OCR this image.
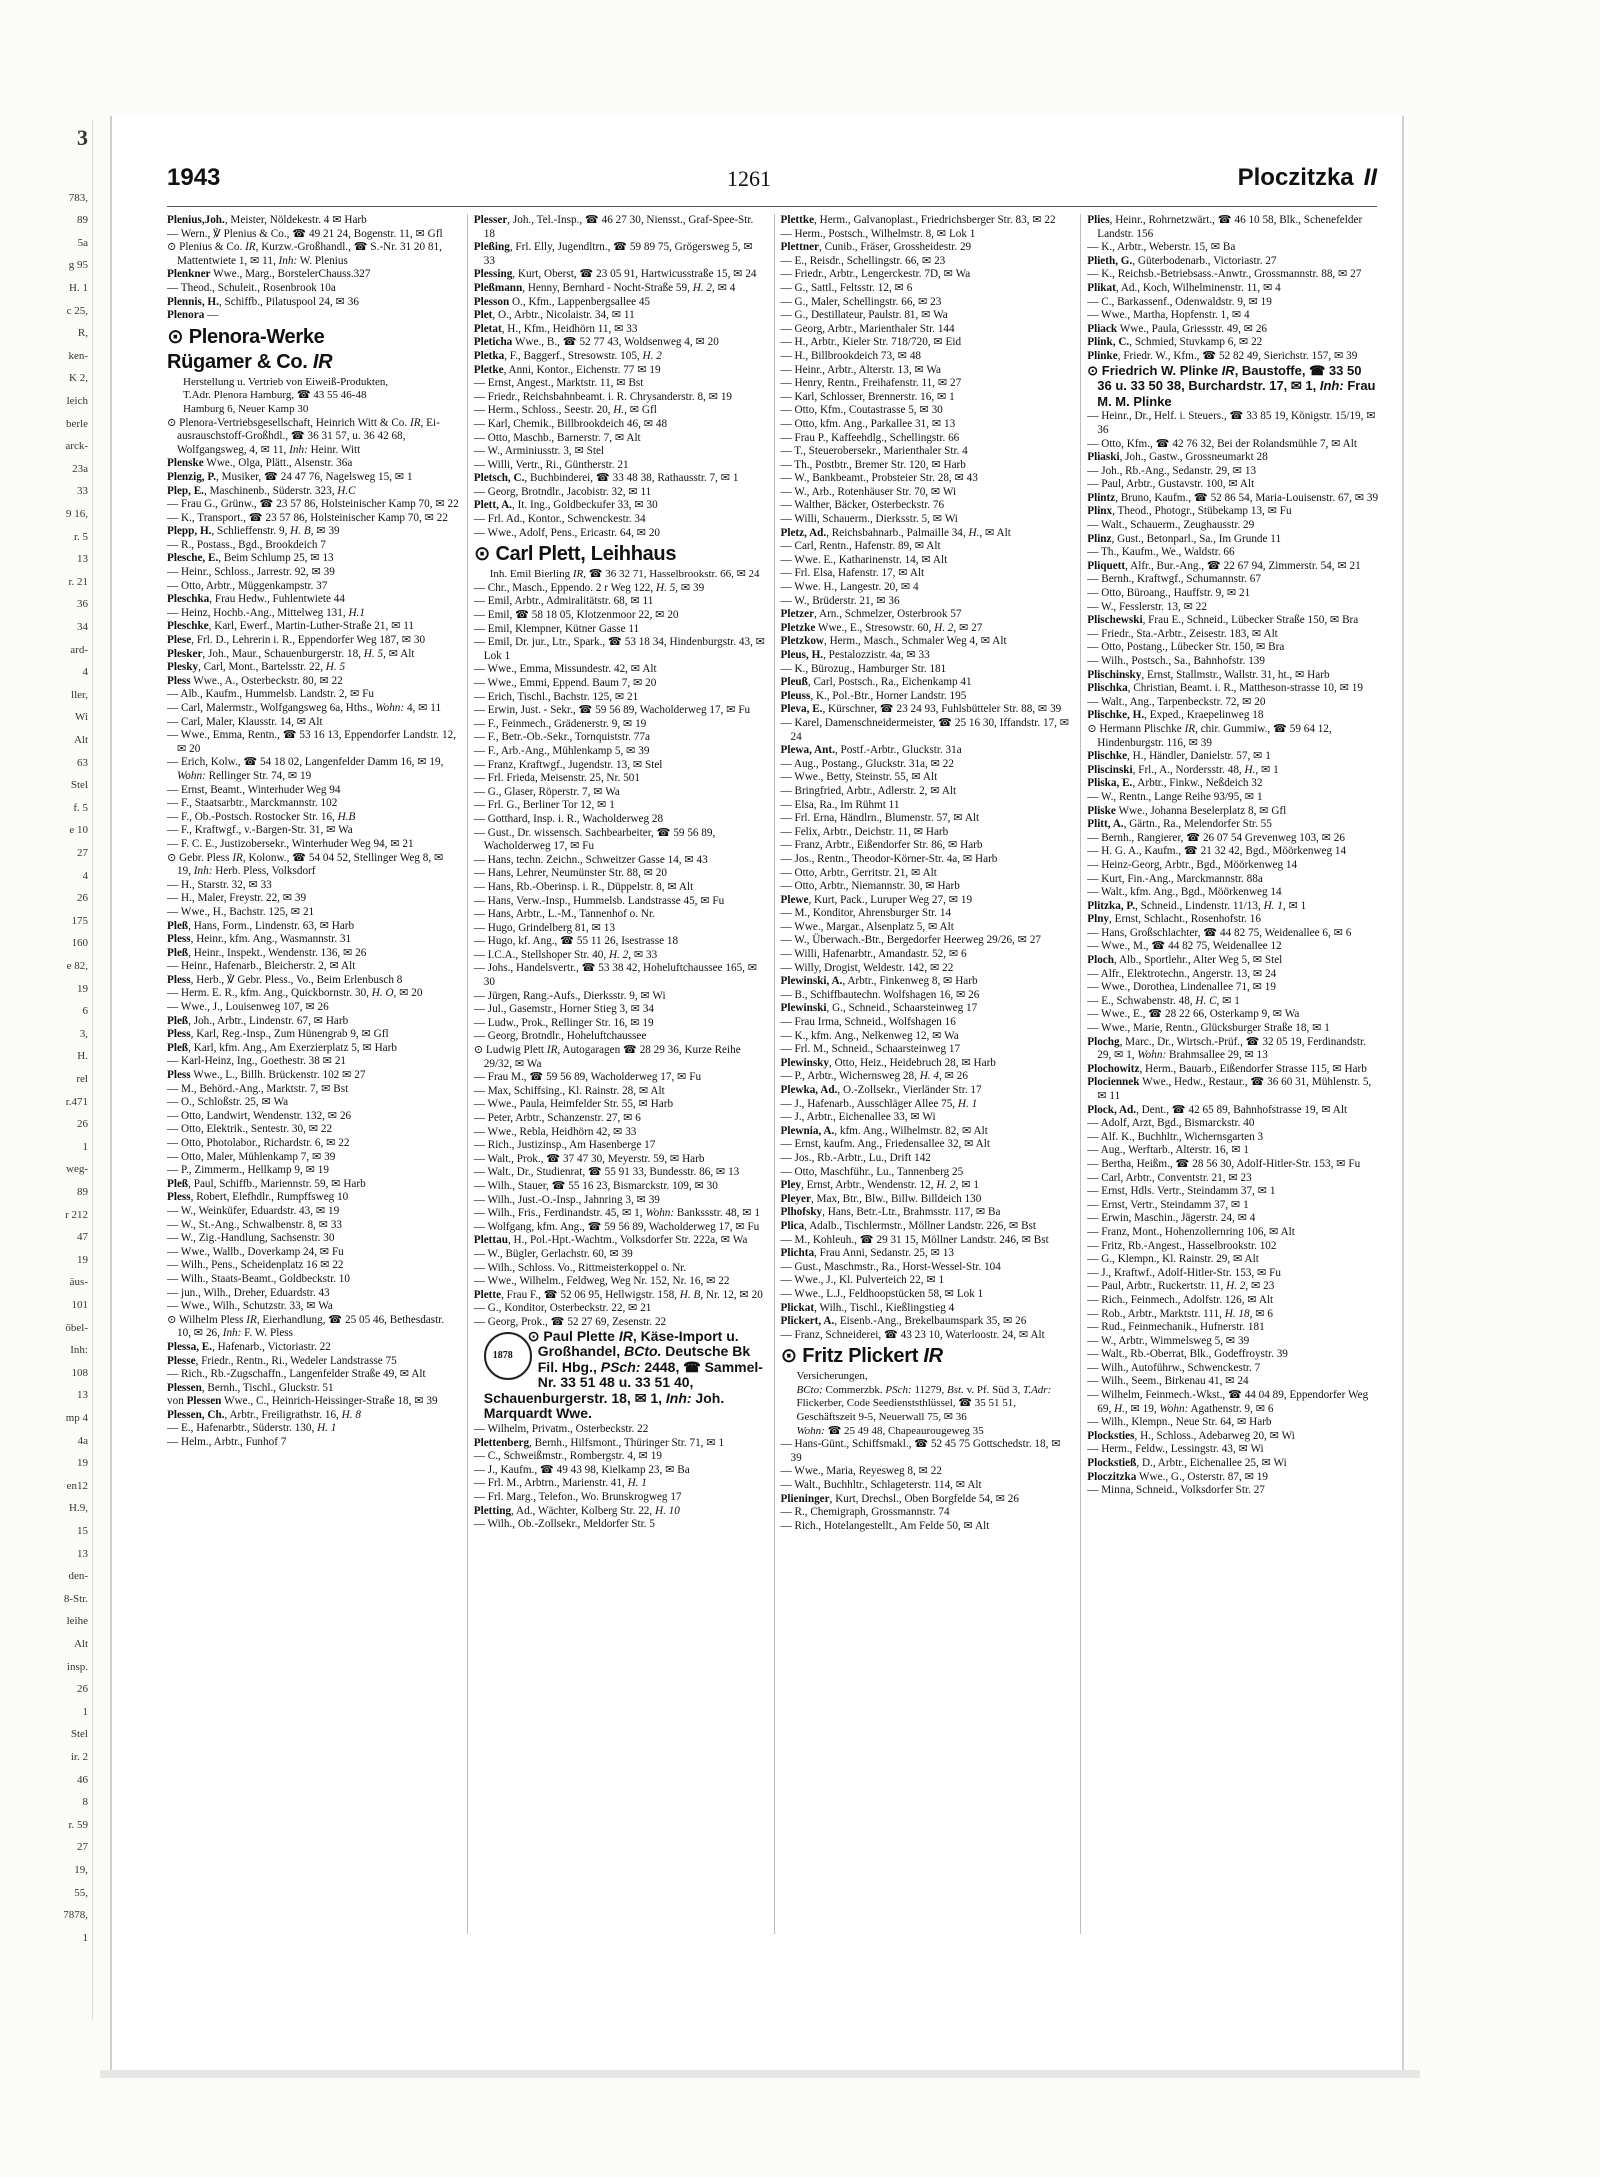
3
783,
89
5a
g 95
H. 1
c 25,
R,
ken-
K 2,
leich
berle
arck-
23a
33
9 16,
r. 5
13
r. 21
36
34
ard-
4
ller,
Wi
Alt
63
Stel
f. 5
e 10
27
4
26
175
160
e 82,
19
6
3,
H.
rel
r.471
26
1
weg-
89
r 212
47
19
äus-
101
öbel-
Inh:
108
13
mp 4
4a
19
en12
H.9,
15
13
den-
8-Str.
leihe
Alt
insp.
26
1
Stel
ir. 2
46
8
r. 59
27
19,
55,
7878,
1
1943	1261	Ploczitzka II

Plenius,Joh., Meister, Nöldekestr. 4 ✉ Harb

— Wern., ℣ Plenius & Co., ☎ 49 21 24, Bogenstr. 11, ✉ Gfl

⊙ Plenius & Co. IR, Kurzw.-Großhandl., ☎ S.-Nr. 31 20 81, Mattentwiete 1, ✉ 11, Inh: W. Plenius

Plenkner Wwe., Marg., BorstelerChauss.327

— Theod., Schuleit., Rosenbrook 10a

Plennis, H., Schiffb., Pilatuspool 24, ✉ 36

Plenora —

⊙ Plenora-Werke
Rügamer & Co. IR

Herstellung u. Vertrieb von Eiweiß-Produkten,

T.Adr. Plenora Hamburg, ☎ 43 55 46-48

Hamburg 6, Neuer Kamp 30

⊙ Plenora-Vertriebsgesellschaft, Heinrich Witt & Co. IR, Ei-ausrauschstoff-Großhdl., ☎ 36 31 57, u. 36 42 68, Wolfgangsweg, 4, ✉ 11, Inh: Heinr. Witt

Plenske Wwe., Olga, Plätt., Alsenstr. 36a

Plenzig, P., Musiker, ☎ 24 47 76, Nagelsweg 15, ✉ 1

Plep, E., Maschinenb., Süderstr. 323, H.C

— Frau G., Grünw., ☎ 23 57 86, Holsteinischer Kamp 70, ✉ 22

— K., Transport., ☎ 23 57 86, Holsteinischer Kamp 70, ✉ 22

Plepp, H., Schlieffenstr. 9, H. B, ✉ 39

— R., Postass., Bgd., Brookdeich 7

Plesche, E., Beim Schlump 25, ✉ 13

— Heinr., Schloss., Jarrestr. 92, ✉ 39

— Otto, Arbtr., Müggenkampstr. 37

Pleschka, Frau Hedw., Fuhlentwiete 44

— Heinz, Hochb.-Ang., Mittelweg 131, H.1

Pleschke, Karl, Ewerf., Martin-Luther-Straße 21, ✉ 11

Plese, Frl. D., Lehrerin i. R., Eppendorfer Weg 187, ✉ 30

Plesker, Joh., Maur., Schauenburgerstr. 18, H. 5, ✉ Alt

Plesky, Carl, Mont., Bartelsstr. 22, H. 5

Pless Wwe., A., Osterbeckstr. 80, ✉ 22

— Alb., Kaufm., Hummelsb. Landstr. 2, ✉ Fu

— Carl, Malermstr., Wolfgangsweg 6a, Hths., Wohn: 4, ✉ 11

— Carl, Maler, Klausstr. 14, ✉ Alt

— Wwe., Emma, Rentn., ☎ 53 16 13, Eppendorfer Landstr. 12, ✉ 20

— Erich, Kolw., ☎ 54 18 02, Langenfelder Damm 16, ✉ 19, Wohn: Rellinger Str. 74, ✉ 19

— Ernst, Beamt., Winterhuder Weg 94

— F., Staatsarbtr., Marckmannstr. 102

— F., Ob.-Postsch. Rostocker Str. 16, H.B

— F., Kraftwgf., v.-Bargen-Str. 31, ✉ Wa

— F. C. E., Justizobersekr., Winterhuder Weg 94, ✉ 21

⊙ Gebr. Pless IR, Kolonw., ☎ 54 04 52, Stellinger Weg 8, ✉ 19, Inh: Herb. Pless, Volksdorf

— H., Starstr. 32, ✉ 33

— H., Maler, Freystr. 22, ✉ 39

— Wwe., H., Bachstr. 125, ✉ 21

Pleß, Hans, Form., Lindenstr. 63, ✉ Harb

Pless, Heinr., kfm. Ang., Wasmannstr. 31

Pleß, Heinr., Inspekt., Wendenstr. 136, ✉ 26

— Heinr., Hafenarb., Bleicherstr. 2, ✉ Alt

Pless, Herb., ℣ Gebr. Pless., Vo., Beim Erlenbusch 8

— Herm. E. R., kfm. Ang., Quickbornstr. 30, H. O, ✉ 20

— Wwe., J., Louisenweg 107, ✉ 26

Pleß, Joh., Arbtr., Lindenstr. 67, ✉ Harb

Pless, Karl, Reg.-Insp., Zum Hünengrab 9, ✉ Gfl

Pleß, Karl, kfm. Ang., Am Exerzierplatz 5, ✉ Harb

— Karl-Heinz, Ing., Goethestr. 38 ✉ 21

Pless Wwe., L., Billh. Brückenstr. 102 ✉ 27

— M., Behörd.-Ang., Marktstr. 7, ✉ Bst

— O., Schloßstr. 25, ✉ Wa

— Otto, Landwirt, Wendenstr. 132, ✉ 26

— Otto, Elektrik., Sentestr. 30, ✉ 22

— Otto, Photolabor., Richardstr. 6, ✉ 22

— Otto, Maler, Mühlenkamp 7, ✉ 39

— P., Zimmerm., Hellkamp 9, ✉ 19

Pleß, Paul, Schiffb., Mariennstr. 59, ✉ Harb

Pless, Robert, Elefhdlr., Rumpffsweg 10

— W., Weinküfer, Eduardstr. 43, ✉ 19

— W., St.-Ang., Schwalbenstr. 8, ✉ 33

— W., Zig.-Handlung, Sachsenstr. 30

— Wwe., Wallb., Doverkamp 24, ✉ Fu

— Wilh., Pens., Scheidenplatz 16 ✉ 22

— Wilh., Staats-Beamt., Goldbeckstr. 10

— jun., Wilh., Dreher, Eduardstr. 43

— Wwe., Wilh., Schutzstr. 33, ✉ Wa

⊙ Wilhelm Pless IR, Eierhandlung, ☎ 25 05 46, Bethesdastr. 10, ✉ 26, Inh: F. W. Pless

Plessa, E., Hafenarb., Victoriastr. 22

Plesse, Friedr., Rentn., Ri., Wedeler Landstrasse 75

— Rich., Rb.-Zugschaffn., Langenfelder Straße 49, ✉ Alt

Plessen, Bernh., Tischl., Gluckstr. 51

von Plessen Wwe., C., Heinrich-Heissinger-Straße 18, ✉ 39

Plessen, Ch., Arbtr., Freiligrathstr. 16, H. 8

— E., Hafenarbtr., Süderstr. 130, H. 1

— Helm., Arbtr., Funhof 7

Plesser, Joh., Tel.-Insp., ☎ 46 27 30, Niensst., Graf-Spee-Str. 18

Pleßing, Frl. Elly, Jugendltrn., ☎ 59 89 75, Grögersweg 5, ✉ 33

Plessing, Kurt, Oberst, ☎ 23 05 91, Hartwicusstraße 15, ✉ 24

Pleßmann, Henny, Bernhard - Nocht-Straße 59, H. 2, ✉ 4

Plesson O., Kfm., Lappenbergsallee 45

Plet, O., Arbtr., Nicolaistr. 34, ✉ 11

Pletat, H., Kfm., Heidhörn 11, ✉ 33

Pleticha Wwe., B., ☎ 52 77 43, Woldsenweg 4, ✉ 20

Pletka, F., Baggerf., Stresowstr. 105, H. 2

Pletke, Anni, Kontor., Eichenstr. 77 ✉ 19

— Ernst, Angest., Marktstr. 11, ✉ Bst

— Friedr., Reichsbahnbeamt. i. R. Chrysanderstr. 8, ✉ 19

— Herm., Schloss., Seestr. 20, H., ✉ Gfl

— Karl, Chemik., Billbrookdeich 46, ✉ 48

— Otto, Maschb., Barnerstr. 7, ✉ Alt

— W., Arminiusstr. 3, ✉ Stel

— Willi, Vertr., Ri., Güntherstr. 21

Pletsch, C., Buchbinderei, ☎ 33 48 38, Rathausstr. 7, ✉ 1

— Georg, Brotndlr., Jacobistr. 32, ✉ 11

Plett, A., It. Ing., Goldbeckufer 33, ✉ 30

— Frl. Ad., Kontor., Schwenckestr. 34

— Wwe., Adolf, Pens., Ericastr. 64, ✉ 20

⊙ Carl Plett, Leihhaus

Inh. Emil Bierling IR, ☎ 36 32 71, Hasselbrookstr. 66, ✉ 24

— Chr., Masch., Eppendo. 2 r Weg 122, H. 5, ✉ 39

— Emil, Arbtr., Admiralitätstr. 68, ✉ 11

— Emil, ☎ 58 18 05, Klotzenmoor 22, ✉ 20

— Emil, Klempner, Kütner Gasse 11

— Emil, Dr. jur., Ltr., Spark., ☎ 53 18 34, Hindenburgstr. 43, ✉ Lok 1

— Wwe., Emma, Missundestr. 42, ✉ Alt

— Wwe., Emmi, Eppend. Baum 7, ✉ 20

— Erich, Tischl., Bachstr. 125, ✉ 21

— Erwin, Just. - Sekr., ☎ 59 56 89, Wacholderweg 17, ✉ Fu

— F., Feinmech., Grädenerstr. 9, ✉ 19

— F., Betr.-Ob.-Sekr., Tornquiststr. 77a

— F., Arb.-Ang., Mühlenkamp 5, ✉ 39

— Franz, Kraftwgf., Jugendstr. 13, ✉ Stel

— Frl. Frieda, Meisenstr. 25, Nr. 501

— G., Glaser, Röperstr. 7, ✉ Wa

— Frl. G., Berliner Tor 12, ✉ 1

— Gotthard, Insp. i. R., Wacholderweg 28

— Gust., Dr. wissensch. Sachbearbeiter, ☎ 59 56 89, Wacholderweg 17, ✉ Fu

— Hans, techn. Zeichn., Schweitzer Gasse 14, ✉ 43

— Hans, Lehrer, Neumünster Str. 88, ✉ 20

— Hans, Rb.-Oberinsp. i. R., Düppelstr. 8, ✉ Alt

— Hans, Verw.-Insp., Hummelsb. Landstrasse 45, ✉ Fu

— Hans, Arbtr., L.-M., Tannenhof o. Nr.

— Hugo, Grindelberg 81, ✉ 13

— Hugo, kf. Ang., ☎ 55 11 26, Isestrasse 18

— I.C.A., Stellshoper Str. 40, H. 2, ✉ 33

— Johs., Handelsvertr., ☎ 53 38 42, Hoheluftchaussee 165, ✉ 30

— Jürgen, Rang.-Aufs., Dierksstr. 9, ✉ Wi

— Jul., Gasemstr., Horner Stieg 3, ✉ 34

— Ludw., Prok., Rellinger Str. 16, ✉ 19

— Georg, Brotndlr., Hoheluftchaussee

⊙ Ludwig Plett IR, Autogaragen ☎ 28 29 36, Kurze Reihe 29/32, ✉ Wa

— Frau M., ☎ 59 56 89, Wacholderweg 17, ✉ Fu

— Max, Schiffsing., Kl. Rainstr. 28, ✉ Alt

— Wwe., Paula, Heimfelder Str. 55, ✉ Harb

— Peter, Arbtr., Schanzenstr. 27, ✉ 6

— Wwe., Rebla, Heidhörn 42, ✉ 33

— Rich., Justizinsp., Am Hasenberge 17

— Walt., Prok., ☎ 37 47 30, Meyerstr. 59, ✉ Harb

— Walt., Dr., Studienrat, ☎ 55 91 33, Bundesstr. 86, ✉ 13

— Wilh., Stauer, ☎ 55 16 23, Bismarckstr. 109, ✉ 30

— Wilh., Just.-O.-Insp., Jahnring 3, ✉ 39

— Wilh., Fris., Ferdinandstr. 45, ✉ 1, Wohn: Bankssstr. 48, ✉ 1

— Wolfgang, kfm. Ang., ☎ 59 56 89, Wacholderweg 17, ✉ Fu

Plettau, H., Pol.-Hpt.-Wachtm., Volksdorfer Str. 222a, ✉ Wa

— W., Bügler, Gerlachstr. 60, ✉ 39

— Wilh., Schloss. Vo., Rittmeisterkoppel o. Nr.

— Wwe., Wilhelm., Feldweg, Weg Nr. 152, Nr. 16, ✉ 22

Plette, Frau F., ☎ 52 06 95, Hellwigstr. 158, H. B, Nr. 12, ✉ 20

— G., Konditor, Osterbeckstr. 22, ✉ 21

— Georg, Prok., ☎ 52 27 69, Zesenstr. 22

1878
⊙ Paul Plette IR, Käse-Import u. Großhandel, BCto. Deutsche Bk Fil. Hbg., PSch: 2448, ☎ Sammel-Nr. 33 51 48 u. 33 51 40, Schauenburgerstr. 18, ✉ 1, Inh: Joh. Marquardt Wwe.

— Wilhelm, Privatm., Osterbeckstr. 22

Plettenberg, Bernh., Hilfsmont., Thüringer Str. 71, ✉ 1

— C., Schweißmstr., Rombergstr. 4, ✉ 19

— J., Kaufm., ☎ 49 43 98, Kielkamp 23, ✉ Ba

— Frl. M., Arbtrn., Marienstr. 41, H. 1

— Frl. Marg., Telefon., Wo. Brunskrogweg 17

Pletting, Ad., Wächter, Kolberg Str. 22, H. 10

— Wilh., Ob.-Zollsekr., Meldorfer Str. 5

Plettke, Herm., Galvanoplast., Friedrichsberger Str. 83, ✉ 22

— Herm., Postsch., Wilhelmstr. 8, ✉ Lok 1

Plettner, Cunib., Fräser, Grossheidestr. 29

— E., Reisdr., Schellingstr. 66, ✉ 23

— Friedr., Arbtr., Lengerckestr. 7D, ✉ Wa

— G., Sattl., Feltsstr. 12, ✉ 6

— G., Maler, Schellingstr. 66, ✉ 23

— G., Destillateur, Paulstr. 81, ✉ Wa

— Georg, Arbtr., Marienthaler Str. 144

— H., Arbtr., Kieler Str. 718/720, ✉ Eid

— H., Billbrookdeich 73, ✉ 48

— Heinr., Arbtr., Alterstr. 13, ✉ Wa

— Henry, Rentn., Freihafenstr. 11, ✉ 27

— Karl, Schlosser, Brennerstr. 16, ✉ 1

— Otto, Kfm., Coutastrasse 5, ✉ 30

— Otto, kfm. Ang., Parkallee 31, ✉ 13

— Frau P., Kaffeehdlg., Schellingstr. 66

— T., Steuerobersekr., Marienthaler Str. 4

— Th., Postbtr., Bremer Str. 120, ✉ Harb

— W., Bankbeamt., Probsteier Str. 28, ✉ 43

— W., Arb., Rotenhäuser Str. 70, ✉ Wi

— Walther, Bäcker, Osterbeckstr. 76

— Willi, Schauerm., Dierksstr. 5, ✉ Wi

Pletz, Ad., Reichsbahnarb., Palmaille 34, H., ✉ Alt

— Carl, Rentn., Hafenstr. 89, ✉ Alt

— Wwe. E., Katharinenstr. 14, ✉ Alt

— Frl. Elsa, Hafenstr. 17, ✉ Alt

— Wwe. H., Langestr. 20, ✉ 4

— W., Brüderstr. 21, ✉ 36

Pletzer, Arn., Schmelzer, Osterbrook 57

Pletzke Wwe., E., Stresowstr. 60, H. 2, ✉ 27

Pletzkow, Herm., Masch., Schmaler Weg 4, ✉ Alt

Pleus, H., Pestalozzistr. 4a, ✉ 33

— K., Bürozug., Hamburger Str. 181

Pleuß, Carl, Postsch., Ra., Eichenkamp 41

Pleuss, K., Pol.-Btr., Horner Landstr. 195

Pleva, E., Kürschner, ☎ 23 24 93, Fuhlsbütteler Str. 88, ✉ 39

— Karel, Damenschneidermeister, ☎ 25 16 30, Iffandstr. 17, ✉ 24

Plewa, Ant., Postf.-Arbtr., Gluckstr. 31a

— Aug., Postang., Gluckstr. 31a, ✉ 22

— Wwe., Betty, Steinstr. 55, ✉ Alt

— Bringfried, Arbtr., Adlerstr. 2, ✉ Alt

— Elsa, Ra., Im Rühmt 11

— Frl. Erna, Händlrn., Blumenstr. 57, ✉ Alt

— Felix, Arbtr., Deichstr. 11, ✉ Harb

— Franz, Arbtr., Eißendorfer Str. 86, ✉ Harb

— Jos., Rentn., Theodor-Körner-Str. 4a, ✉ Harb

— Otto, Arbtr., Gerritstr. 21, ✉ Alt

— Otto, Arbtr., Niemannstr. 30, ✉ Harb

Plewe, Kurt, Pack., Luruper Weg 27, ✉ 19

— M., Konditor, Ahrensburger Str. 14

— Wwe., Margar., Alsenplatz 5, ✉ Alt

— W., Überwach.-Btr., Bergedorfer Heerweg 29/26, ✉ 27

— Willi, Hafenarbtr., Amandastr. 52, ✉ 6

— Willy, Drogist, Weldestr. 142, ✉ 22

Plewinski, A., Arbtr., Finkenweg 8, ✉ Harb

— B., Schiffbautechn. Wolfshagen 16, ✉ 26

Plewinski, G., Schneid., Schaarsteinweg 17

— Frau Irma, Schneid., Wolfshagen 16

— K., kfm. Ang., Nelkenweg 12, ✉ Wa

— Frl. M., Schneid., Schaarsteinweg 17

Plewinsky, Otto, Heiz., Heidebruch 28, ✉ Harb

— P., Arbtr., Wichernsweg 28, H. 4, ✉ 26

Plewka, Ad., O.-Zollsekr., Vierländer Str. 17

— J., Hafenarb., Ausschläger Allee 75, H. 1

— J., Arbtr., Eichenallee 33, ✉ Wi

Plewnia, A., kfm. Ang., Wilhelmstr. 82, ✉ Alt

— Ernst, kaufm. Ang., Friedensallee 32, ✉ Alt

— Jos., Rb.-Arbtr., Lu., Drift 142

— Otto, Maschführ., Lu., Tannenberg 25

Pley, Ernst, Arbtr., Wendenstr. 12, H. 2, ✉ 1

Pleyer, Max, Btr., Blw., Billw. Billdeich 130

Plhofsky, Hans, Betr.-Ltr., Brahmsstr. 117, ✉ Ba

Plica, Adalb., Tischlermstr., Möllner Landstr. 226, ✉ Bst

— M., Kohleuh., ☎ 29 31 15, Möllner Landstr. 246, ✉ Bst

Plichta, Frau Anni, Sedanstr. 25, ✉ 13

— Gust., Maschmstr., Ra., Horst-Wessel-Str. 104

— Wwe., J., Kl. Pulverteich 22, ✉ 1

— Wwe., L.J., Feldhoopstücken 58, ✉ Lok 1

Plickat, Wilh., Tischl., Kießlingstieg 4

Plickert, A., Eisenb.-Ang., Brekelbaumspark 35, ✉ 26

— Franz, Schneiderei, ☎ 43 23 10, Waterloostr. 24, ✉ Alt

⊙ Fritz Plickert IR

Versicherungen,

BCto: Commerzbk. PSch: 11279, Bst. v. Pf. Süd 3, T.Adr: Flickerber, Code Seedienststhlüssel, ☎ 35 51 51, Geschäftszeit 9-5, Neuerwall 75, ✉ 36

Wohn: ☎ 25 49 48, Chapeaurougeweg 35

— Hans-Günt., Schiffsmakl., ☎ 52 45 75 Gottschedstr. 18, ✉ 39

— Wwe., Maria, Reyesweg 8, ✉ 22

— Walt., Buchhltr., Schlageterstr. 114, ✉ Alt

Plieninger, Kurt, Drechsl., Oben Borgfelde 54, ✉ 26

— R., Chemigraph, Grossmannstr. 74

— Rich., Hotelangestellt., Am Felde 50, ✉ Alt

Plies, Heinr., Rohrnetzwärt., ☎ 46 10 58, Blk., Schenefelder Landstr. 156

— K., Arbtr., Weberstr. 15, ✉ Ba

Plieth, G., Güterbodenarb., Victoriastr. 27

— K., Reichsb.-Betriebsass.-Anwtr., Grossmannstr. 88, ✉ 27

Plikat, Ad., Koch, Wilhelminenstr. 11, ✉ 4

— C., Barkassenf., Odenwaldstr. 9, ✉ 19

— Wwe., Martha, Hopfenstr. 1, ✉ 4

Pliack Wwe., Paula, Griessstr. 49, ✉ 26

Plink, C., Schmied, Stuvkamp 6, ✉ 22

Plinke, Friedr. W., Kfm., ☎ 52 82 49, Sierichstr. 157, ✉ 39

⊙ Friedrich W. Plinke IR, Baustoffe, ☎ 33 50 36 u. 33 50 38, Burchardstr. 17, ✉ 1, Inh: Frau M. M. Plinke

— Heinr., Dr., Helf. i. Steuers., ☎ 33 85 19, Königstr. 15/19, ✉ 36

— Otto, Kfm., ☎ 42 76 32, Bei der Rolandsmühle 7, ✉ Alt

Pliaski, Joh., Gastw., Grossneumarkt 28

— Joh., Rb.-Ang., Sedanstr. 29, ✉ 13

— Paul, Arbtr., Gustavstr. 100, ✉ Alt

Plintz, Bruno, Kaufm., ☎ 52 86 54, Maria-Louisenstr. 67, ✉ 39

Plinx, Theod., Photogr., Stübekamp 13, ✉ Fu

— Walt., Schauerm., Zeughausstr. 29

Plinz, Gust., Betonparl., Sa., Im Grunde 11

— Th., Kaufm., We., Waldstr. 66

Pliquett, Alfr., Bur.-Ang., ☎ 22 67 94, Zimmerstr. 54, ✉ 21

— Bernh., Kraftwgf., Schumannstr. 67

— Otto, Büroang., Hauffstr. 9, ✉ 21

— W., Fesslerstr. 13, ✉ 22

Plischewski, Frau E., Schneid., Lübecker Straße 150, ✉ Bra

— Friedr., Sta.-Arbtr., Zeisestr. 183, ✉ Alt

— Otto, Postang., Lübecker Str. 150, ✉ Bra

— Wilh., Postsch., Sa., Bahnhofstr. 139

Plischinsky, Ernst, Stallmstr., Wallstr. 31, ht., ✉ Harb

Plischka, Christian, Beamt. i. R., Mattheson-strasse 10, ✉ 19

— Walt., Ang., Tarpenbeckstr. 72, ✉ 20

Plischke, H., Exped., Kraepelinweg 18

⊙ Hermann Plischke IR, chir. Gummiw., ☎ 59 64 12, Hindenburgstr. 116, ✉ 39

Plischke, H., Händler, Danielstr. 57, ✉ 1

Pliscinski, Frl., A., Nordersstr. 48, H., ✉ 1

Pliska, E., Arbtr., Finkw., Neßdeich 32

— W., Rentn., Lange Reihe 93/95, ✉ 1

Pliske Wwe., Johanna Beselerplatz 8, ✉ Gfl

Plitt, A., Gärtn., Ra., Melendorfer Str. 55

— Bernh., Rangierer, ☎ 26 07 54 Grevenweg 103, ✉ 26

— H. G. A., Kaufm., ☎ 21 32 42, Bgd., Möörkenweg 14

— Heinz-Georg, Arbtr., Bgd., Möörkenweg 14

— Kurt, Fin.-Ang., Marckmannstr. 88a

— Walt., kfm. Ang., Bgd., Möörkenweg 14

Plitzka, P., Schneid., Lindenstr. 11/13, H. 1, ✉ 1

Plny, Ernst, Schlacht., Rosenhofstr. 16

— Hans, Großschlachter, ☎ 44 82 75, Weidenallee 6, ✉ 6

— Wwe., M., ☎ 44 82 75, Weidenallee 12

Ploch, Alb., Sportlehr., Alter Weg 5, ✉ Stel

— Alfr., Elektrotechn., Angerstr. 13, ✉ 24

— Wwe., Dorothea, Lindenallee 71, ✉ 19

— E., Schwabenstr. 48, H. C, ✉ 1

— Wwe., E., ☎ 28 22 66, Osterkamp 9, ✉ Wa

— Wwe., Marie, Rentn., Glücksburger Straße 18, ✉ 1

Plochg, Marc., Dr., Wirtsch.-Prüf., ☎ 32 05 19, Ferdinandstr. 29, ✉ 1, Wohn: Brahmsallee 29, ✉ 13

Plochowitz, Herm., Bauarb., Eißendorfer Strasse 115, ✉ Harb

Plociennek Wwe., Hedw., Restaur., ☎ 36 60 31, Mühlenstr. 5, ✉ 11

Plock, Ad., Dent., ☎ 42 65 89, Bahnhofstrasse 19, ✉ Alt

— Adolf, Arzt, Bgd., Bismarckstr. 40

— Alf. K., Buchhltr., Wichernsgarten 3

— Aug., Werftarb., Alterstr. 16, ✉ 1

— Bertha, Heißm., ☎ 28 56 30, Adolf-Hitler-Str. 153, ✉ Fu

— Carl, Arbtr., Conventstr. 21, ✉ 23

— Ernst, Hdls. Vertr., Steindamm 37, ✉ 1

— Ernst, Vertr., Steindamm 37, ✉ 1

— Erwin, Maschin., Jägerstr. 24, ✉ 4

— Franz, Mont., Hohenzollernring 106, ✉ Alt

— Fritz, Rb.-Angest., Hasselbrookstr. 102

— G., Klempn., Kl. Rainstr. 29, ✉ Alt

— J., Kraftwf., Adolf-Hitler-Str. 153, ✉ Fu

— Paul, Arbtr., Ruckertstr. 11, H. 2, ✉ 23

— Rich., Feinmech., Adolfstr. 126, ✉ Alt

— Rob., Arbtr., Marktstr. 111, H. 18, ✉ 6

— Rud., Feinmechanik., Hufnerstr. 181

— W., Arbtr., Wimmelsweg 5, ✉ 39

— Walt., Rb.-Oberrat, Blk., Godeffroystr. 39

— Wilh., Autoführw., Schwenckestr. 7

— Wilh., Seem., Birkenau 41, ✉ 24

— Wilhelm, Feinmech.-Wkst., ☎ 44 04 89, Eppendorfer Weg 69, H., ✉ 19, Wohn: Agathenstr. 9, ✉ 6

— Wilh., Klempn., Neue Str. 64, ✉ Harb

Plocksties, H., Schloss., Adebarweg 20, ✉ Wi

— Herm., Feldw., Lessingstr. 43, ✉ Wi

Plockstieß, D., Arbtr., Eichenallee 25, ✉ Wi

Ploczitzka Wwe., G., Osterstr. 87, ✉ 19

— Minna, Schneid., Volksdorfer Str. 27
